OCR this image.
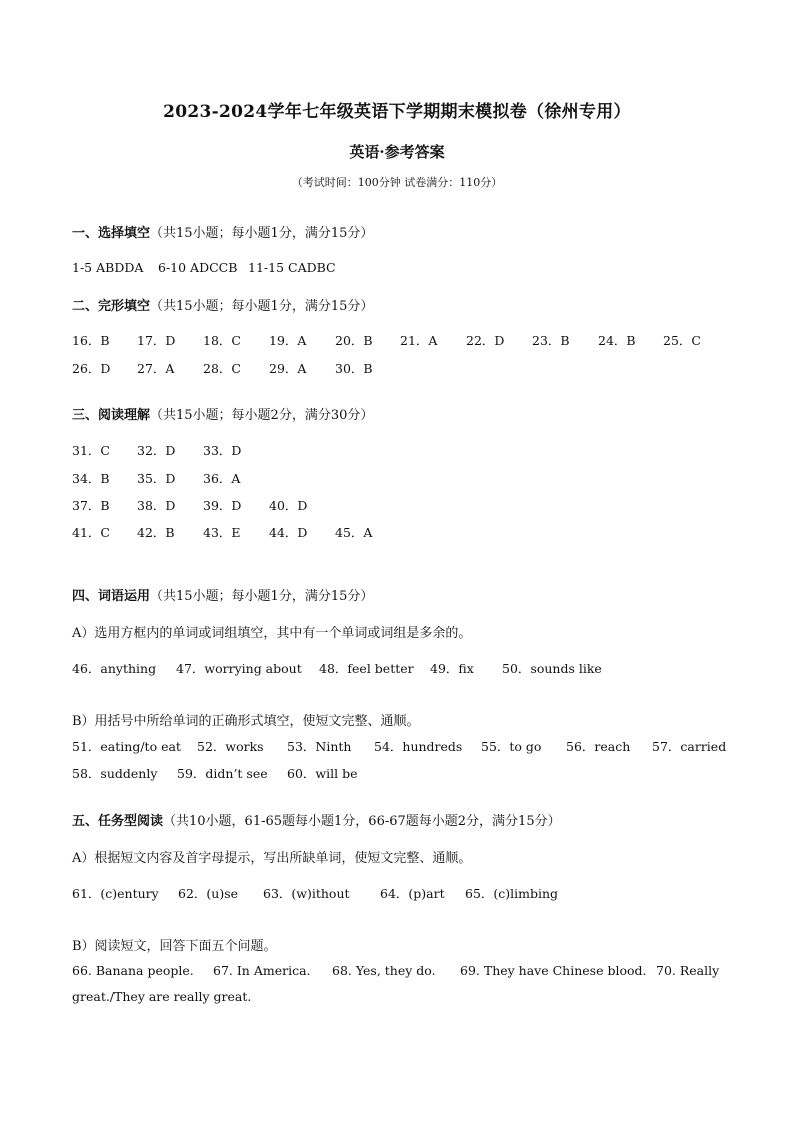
2023-2024学年七年级英语下学期期末模拟卷（徐州专用）
英语·参考答案
（考试时间：100分钟 试卷满分：110分）
一、选择填空（共15小题；每小题1分，满分15分）
1-5 ABDDA 6-10 ADCCB 11-15 CADBC
二、完形填空（共15小题；每小题1分，满分15分）
16．B 17．D 18．C 19．A 20．B 21．A 22．D 23．B 24．B 25．C
26．D 27．A 28．C 29．A 30．B
三、阅读理解（共15小题；每小题2分，满分30分）
31．C 32．D 33．D
34．B 35．D 36．A
37．B 38．D 39．D 40．D
41．C 42．B 43．E 44．D 45．A
四、词语运用（共15小题；每小题1分，满分15分）
A）选用方框内的单词或词组填空，其中有一个单词或词组是多余的。
46．anything 47．worrying about 48．feel better 49．fix 50．sounds like
B）用括号中所给单词的正确形式填空，使短文完整、通顺。
51．eating/to eat 52．works 53．Ninth 54．hundreds 55．to go 56．reach 57．carried
58．suddenly 59．didn’t see 60．will be
五、任务型阅读（共10小题，61-65题每小题1分，66-67题每小题2分，满分15分）
A）根据短文内容及首字母提示，写出所缺单词，使短文完整、通顺。
61．(c)entury 62．(u)se 63．(w)ithout 64．(p)art 65．(c)limbing
B）阅读短文，回答下面五个问题。
66. Banana people. 67. In America. 68. Yes, they do. 69. They have Chinese blood. 70. Really
great./They are really great.
